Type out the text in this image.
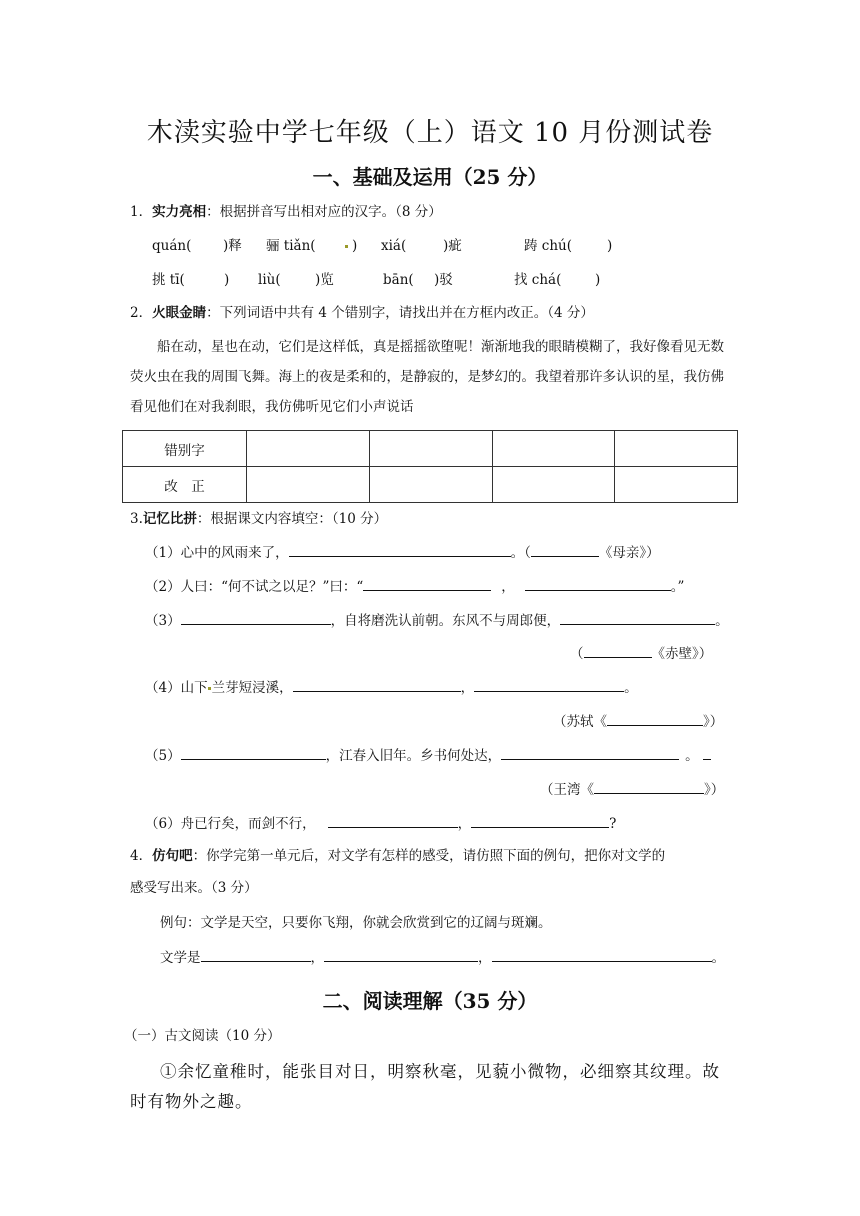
木渎实验中学七年级（上）语文 10 月份测试卷
一、基础及运用（25 分）
1．实力亮相：根据拼音写出相对应的汉字。（8 分）
quán( )释 骊 tiǎn(	) xiá(	)疵	踌 chú(	)
挑 tī(	) liù(	)览	bān( )驳	找 chá( )
2．火眼金睛：下列词语中共有 4 个错别字，请找出并在方框内改正。（4 分）
船在动，星也在动，它们是这样低，真是摇摇欲堕呢！渐渐地我的眼睛模糊了，我好像看见无数荧火虫在我的周围飞舞。海上的夜是柔和的，是静寂的，是梦幻的。我望着那许多认识的星，我仿佛看见他们在对我刹眼，我仿佛听见它们小声说话
错别字				
改　正				
3.记忆比拼：根据课文内容填空：（10 分）
（1）心中的风雨来了，	。（	《母亲》）
（2）人曰：“何不试之以足？”曰：“	，	。”
（3）	，自将磨洗认前朝。东风不与周郎便，	。
（	《赤壁》）
（4）山下 兰芽短浸溪，	，	。
（苏轼《	》）
（5）	，江春入旧年。乡书何处达，	。
（王湾《	》）
（6）舟已行矣，而剑不行，	，	?
4．仿句吧：你学完第一单元后，对文学有怎样的感受，请仿照下面的例句，把你对文学的
感受写出来。（3 分）
例句：文学是天空，只要你飞翔，你就会欣赏到它的辽阔与斑斓。
文学是	，	，	。
二、阅读理解（35 分）
（一）古文阅读（10 分）
①余忆童稚时，能张目对日，明察秋毫，见藐小微物，必细察其纹理。故时有物外之趣。
